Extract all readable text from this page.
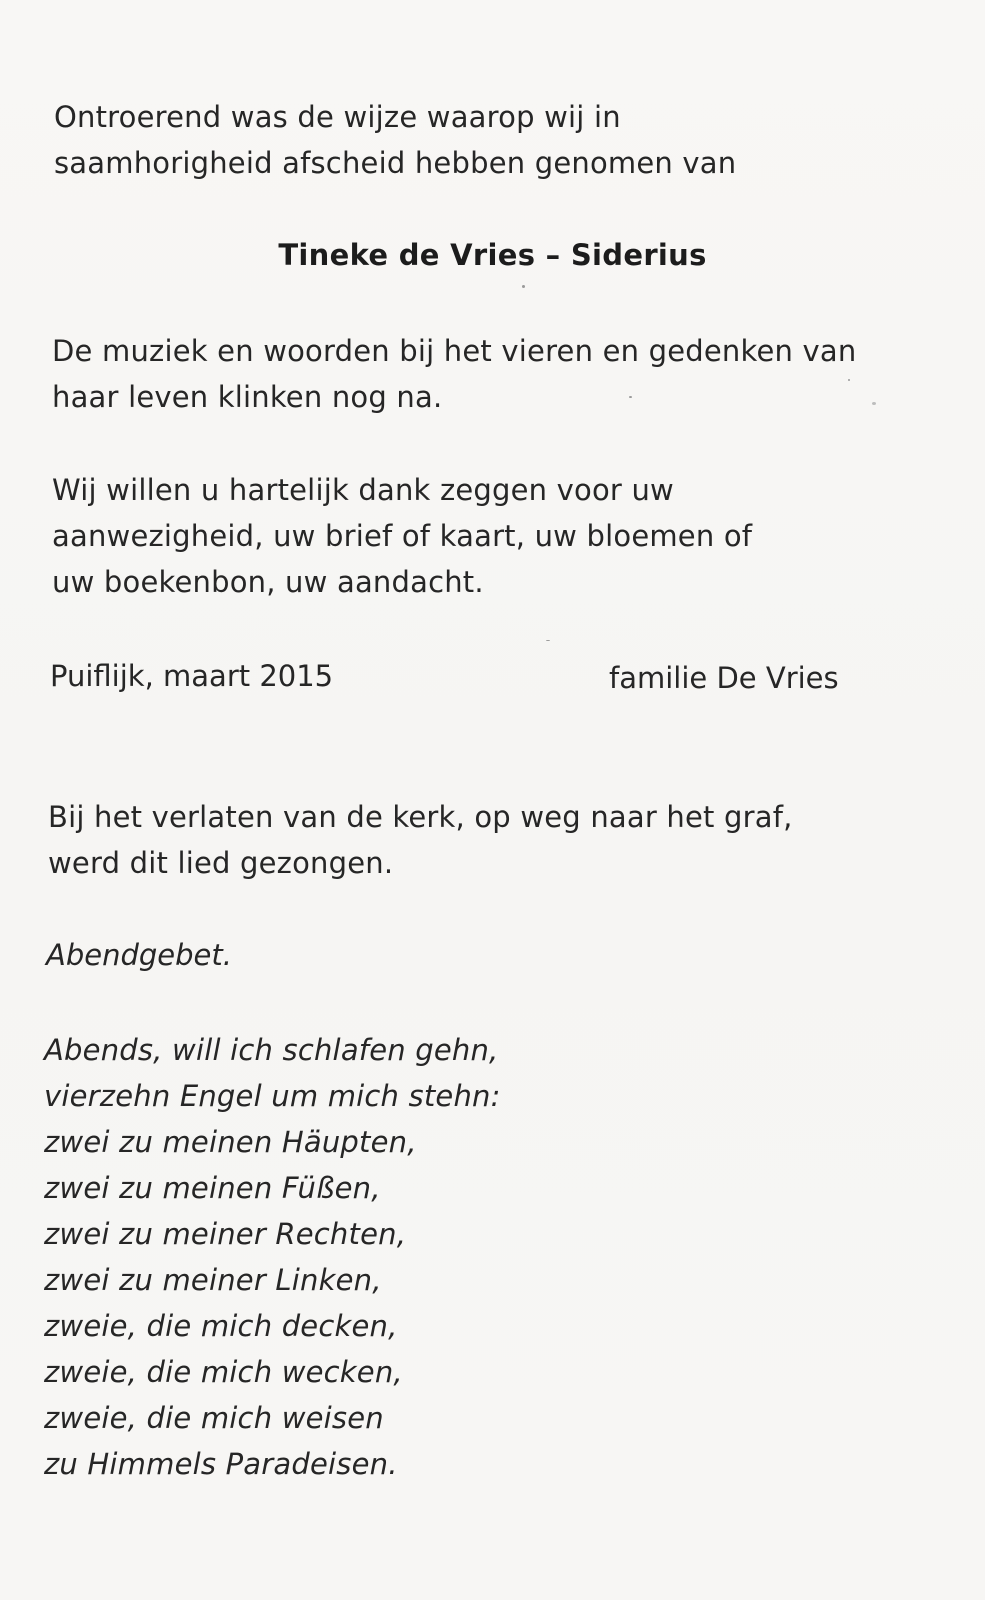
Ontroerend was de wijze waarop wij in
saamhorigheid afscheid hebben genomen van

Tineke de Vries – Siderius

De muziek en woorden bij het vieren en gedenken van
haar leven klinken nog na.

Wij willen u hartelijk dank zeggen voor uw
aanwezigheid, uw brief of kaart, uw bloemen of
uw boekenbon, uw aandacht.

Puiflijk, maart 2015	familie De Vries

Bij het verlaten van de kerk, op weg naar het graf,
werd dit lied gezongen.

Abendgebet.

Abends, will ich schlafen gehn,
vierzehn Engel um mich stehn:
zwei zu meinen Häupten,
zwei zu meinen Füßen,
zwei zu meiner Rechten,
zwei zu meiner Linken,
zweie, die mich decken,
zweie, die mich wecken,
zweie, die mich weisen
zu Himmels Paradeisen.
